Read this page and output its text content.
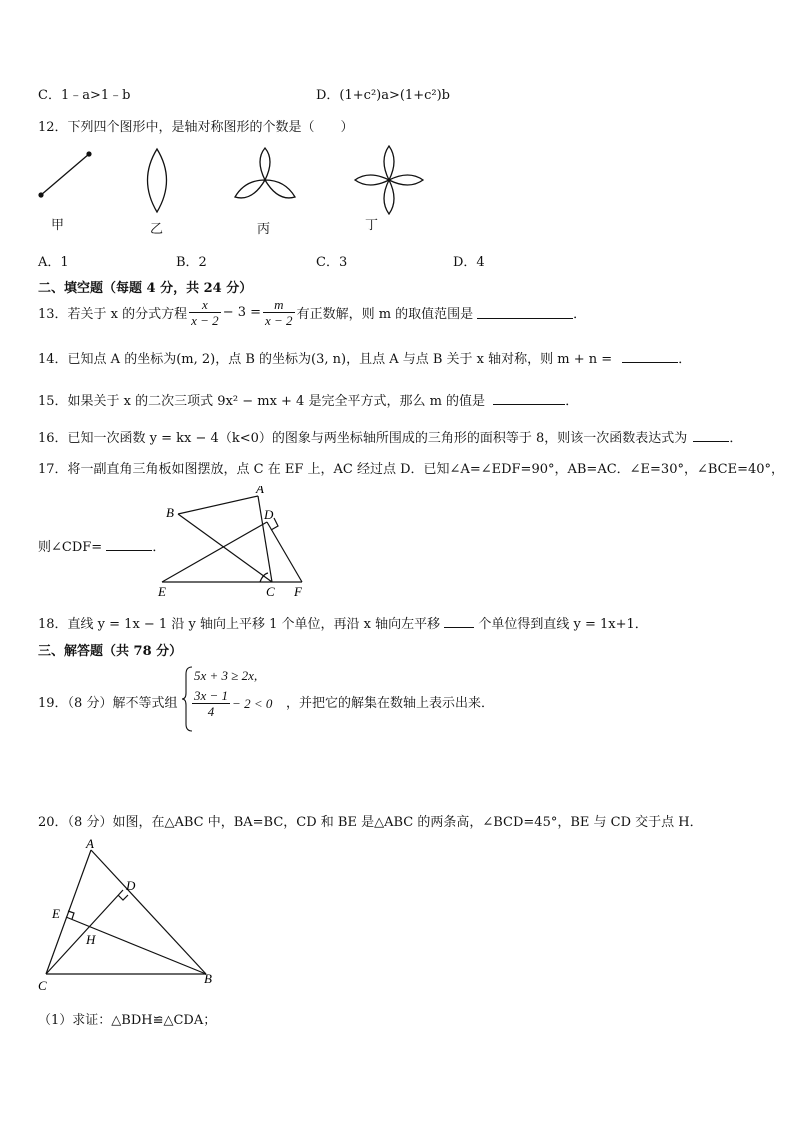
C．1﹣a>1﹣b	D．(1+c²)a>(1+c²)b
12．下列四个图形中，是轴对称图形的个数是（　　）
甲	乙	丙	丁
A．1	B．2	C．3	D．4
二、填空题（每题 4 分，共 24 分）
13．若关于 x 的分式方程 $\frac{x}{x - 2} - 3 = \frac{m}{x - 2}$ 有正数解，则 m 的取值范围是	．
14．已知点 A 的坐标为(m, 2)，点 B 的坐标为(3, n)，且点 A 与点 B 关于 x 轴对称，则 m + n =	．
15．如果关于 x 的二次三项式 9x² − mx + 4 是完全平方式，那么 m 的值是	．
16．已知一次函数 y = kx − 4（k<0）的图象与两坐标轴所围成的三角形的面积等于 8，则该一次函数表达式为	．
17．将一副直角三角板如图摆放，点 C 在 EF 上，AC 经过点 D．已知∠A=∠EDF=90°，AB=AC．∠E=30°，∠BCE=40°，
A
B
C
D
E	F
则∠CDF=	．
18．直线 y = 1x − 1 沿 y 轴向上平移 1 个单位，再沿 x 轴向左平移	个单位得到直线 y = 1x+1．
三、解答题（共 78 分）
19．（8 分）解不等式组
5x + 3 ≥ 2x,
$\frac{3x - 1}{4} - 2 < 0$ ，并把它的解集在数轴上表示出来．
20．（8 分）如图，在△ABC 中，BA=BC，CD 和 BE 是△ABC 的两条高，∠BCD=45°，BE 与 CD 交于点 H．
A
D
E
H
C	B
（1）求证：△BDH≌△CDA；
